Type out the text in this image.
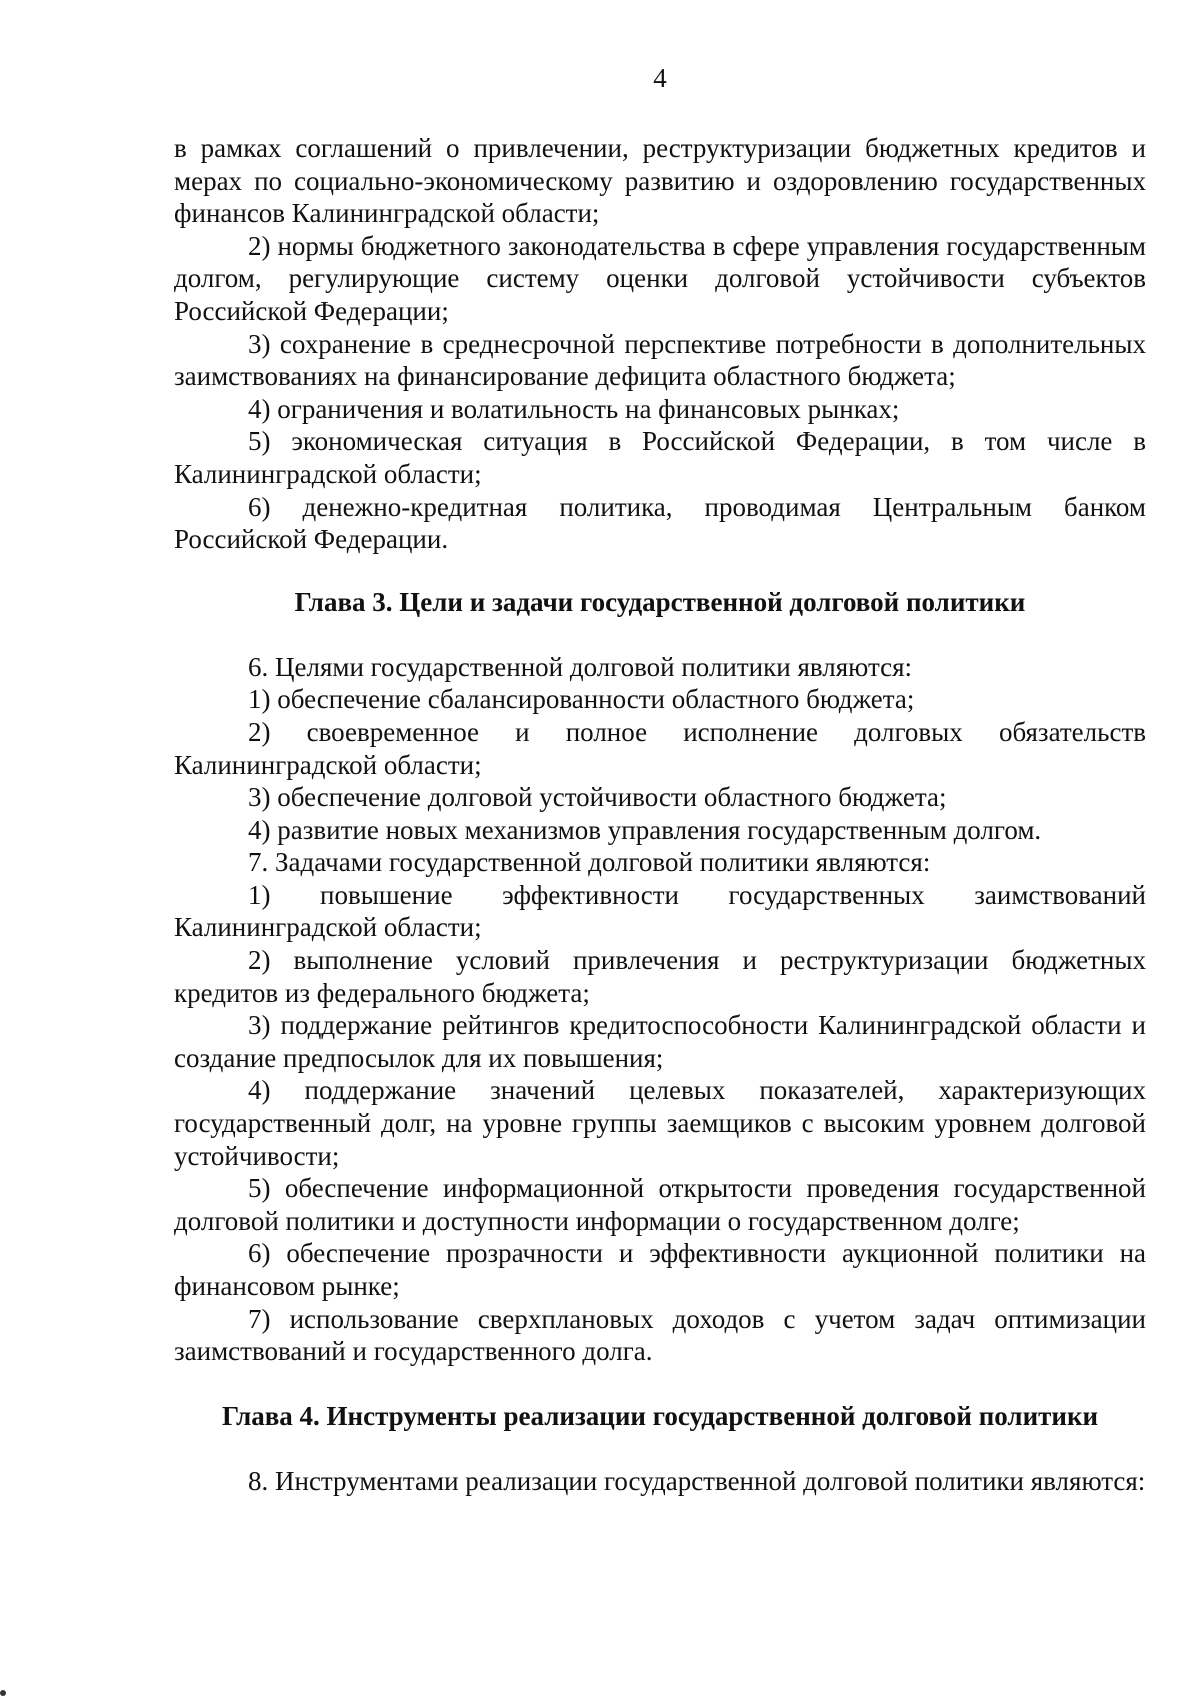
4

в рамках соглашений о привлечении, реструктуризации бюджетных кредитов и мерах по социально-экономическому развитию и оздоровлению государственных финансов Калининградской области;

2) нормы бюджетного законодательства в сфере управления государственным долгом, регулирующие систему оценки долговой устойчивости субъектов Российской Федерации;

3) сохранение в среднесрочной перспективе потребности в дополнительных заимствованиях на финансирование дефицита областного бюджета;

4) ограничения и волатильность на финансовых рынках;

5) экономическая ситуация в Российской Федерации, в том числе в Калининградской области;

6) денежно-кредитная политика, проводимая Центральным банком Российской Федерации.

Глава 3. Цели и задачи государственной долговой политики

6. Целями государственной долговой политики являются:

1) обеспечение сбалансированности областного бюджета;

2) своевременное и полное исполнение долговых обязательств Калининградской области;

3) обеспечение долговой устойчивости областного бюджета;

4) развитие новых механизмов управления государственным долгом.

7. Задачами государственной долговой политики являются:

1) повышение эффективности государственных заимствований Калининградской области;

2) выполнение условий привлечения и реструктуризации бюджетных кредитов из федерального бюджета;

3) поддержание рейтингов кредитоспособности Калининградской области и создание предпосылок для их повышения;

4) поддержание значений целевых показателей, характеризующих государственный долг, на уровне группы заемщиков с высоким уровнем долговой устойчивости;

5) обеспечение информационной открытости проведения государственной долговой политики и доступности информации о государственном долге;

6) обеспечение прозрачности и эффективности аукционной политики на финансовом рынке;

7) использование сверхплановых доходов с учетом задач оптимизации заимствований и государственного долга.

Глава 4. Инструменты реализации государственной долговой политики

8. Инструментами реализации государственной долговой политики являются:
